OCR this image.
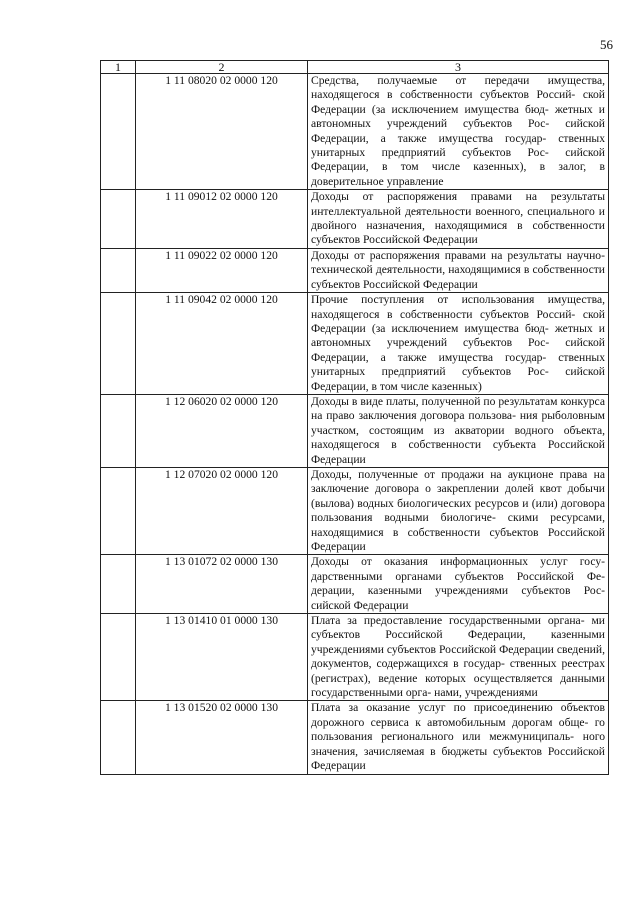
56
1	2	3
	1 11 08020 02 0000 120	Средства, получаемые от передачи имущества, находящегося в собственности субъектов Россий- ской Федерации (за исключением имущества бюд- жетных и автономных учреждений субъектов Рос- сийской Федерации, а также имущества государ- ственных унитарных предприятий субъектов Рос- сийской Федерации, в том числе казенных), в залог, в доверительное управление
	1 11 09012 02 0000 120	Доходы от распоряжения правами на результаты интеллектуальной деятельности военного, специального и двойного назначения, находящимися в собственности субъектов Российской Федерации
	1 11 09022 02 0000 120	Доходы от распоряжения правами на результаты научно-технической деятельности, находящимися в собственности субъектов Российской Федерации
	1 11 09042 02 0000 120	Прочие поступления от использования имущества, находящегося в собственности субъектов Россий- ской Федерации (за исключением имущества бюд- жетных и автономных учреждений субъектов Рос- сийской Федерации, а также имущества государ- ственных унитарных предприятий субъектов Рос- сийской Федерации, в том числе казенных)
	1 12 06020 02 0000 120	Доходы в виде платы, полученной по результатам конкурса на право заключения договора пользова- ния рыболовным участком, состоящим из акватории водного объекта, находящегося в собственности субъекта Российской Федерации
	1 12 07020 02 0000 120	Доходы, полученные от продажи на аукционе права на заключение договора о закреплении долей квот добычи (вылова) водных биологических ресурсов и (или) договора пользования водными биологиче- скими ресурсами, находящимися в собственности субъектов Российской Федерации
	1 13 01072 02 0000 130	Доходы от оказания информационных услуг госу- дарственными органами субъектов Российской Фе- дерации, казенными учреждениями субъектов Рос- сийской Федерации
	1 13 01410 01 0000 130	Плата за предоставление государственными органа- ми субъектов Российской Федерации, казенными учреждениями субъектов Российской Федерации сведений, документов, содержащихся в государ- ственных реестрах (регистрах), ведение которых осуществляется данными государственными орга- нами, учреждениями
	1 13 01520 02 0000 130	Плата за оказание услуг по присоединению объектов дорожного сервиса к автомобильным дорогам обще- го пользования регионального или межмуниципаль- ного значения, зачисляемая в бюджеты субъектов Российской Федерации
